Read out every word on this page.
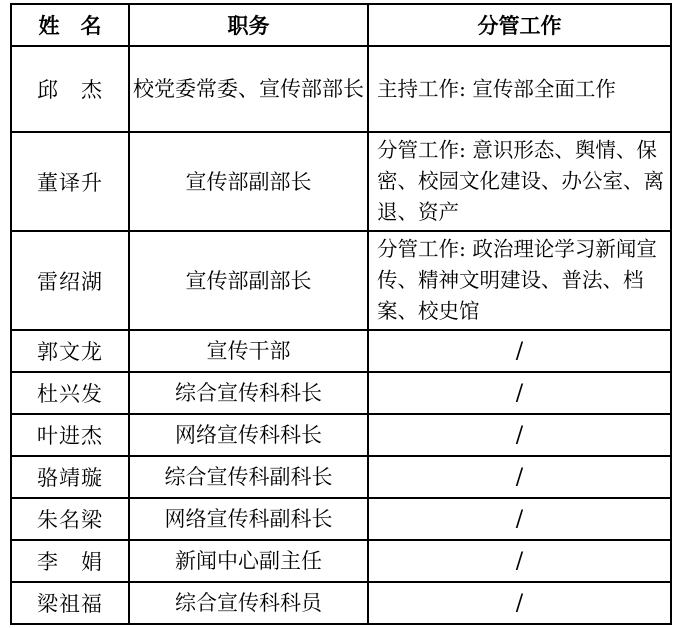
姓　名	职务	分管工作
邱　杰	校党委常委、宣传部部长	主持工作: 宣传部全面工作
董译升	宣传部副部长	分管工作: 意识形态、舆情、保密、校园文化建设、办公室、离退、资产
雷绍湖	宣传部副部长	分管工作: 政治理论学习新闻宣传、精神文明建设、普法、档案、校史馆
郭文龙	宣传干部	/
杜兴发	综合宣传科科长	/
叶进杰	网络宣传科科长	/
骆靖璇	综合宣传科副科长	/
朱名梁	网络宣传科副科长	/
李　娟	新闻中心副主任	/
梁祖福	综合宣传科科员	/
